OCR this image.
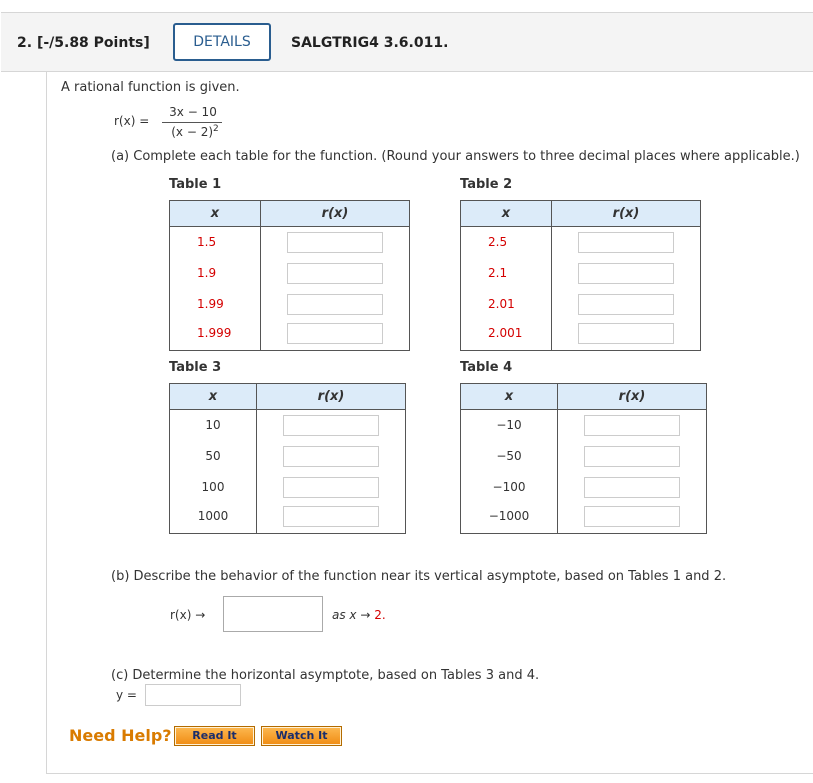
2. [-/5.88 Points]	DETAILS	SALGTRIG4 3.6.011.
A rational function is given.
r(x) =
3x − 10
$(x - 2)^2$
(a) Complete each table for the function. (Round your answers to three decimal places where applicable.)
Table 1
x	r(x)
1.5	
1.9	
1.99	
1.999	
Table 2
x	r(x)
2.5	
2.1	
2.01	
2.001	
Table 3
x	r(x)
10	
50	
100	
1000	
Table 4
x	r(x)
−10	
−50	
−100	
−1000	
(b) Describe the behavior of the function near its vertical asymptote, based on Tables 1 and 2.
r(x) →	as x → 2.
(c) Determine the horizontal asymptote, based on Tables 3 and 4.
y =
Need Help?	Read It	Watch It
